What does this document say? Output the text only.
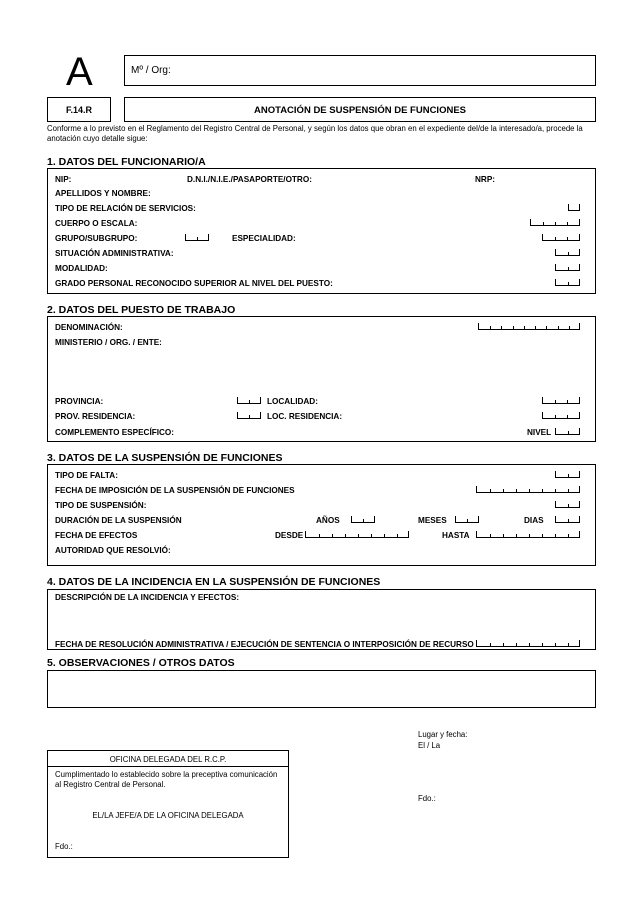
A	Mº / Org:
F.14.R	ANOTACIÓN DE SUSPENSIÓN DE FUNCIONES
Conforme a lo previsto en el Reglamento del Registro Central de Personal, y según los datos que obran en el expediente del/de la interesado/a, procede la
anotación cuyo detalle sigue:
1. DATOS DEL FUNCIONARIO/A
NIP:	D.N.I./N.I.E./PASAPORTE/OTRO:	NRP:
APELLIDOS Y NOMBRE:
TIPO DE RELACIÓN DE SERVICIOS:
CUERPO O ESCALA:
GRUPO/SUBGRUPO:	ESPECIALIDAD:
SITUACIÓN ADMINISTRATIVA:
MODALIDAD:
GRADO PERSONAL RECONOCIDO SUPERIOR AL NIVEL DEL PUESTO:
2. DATOS DEL PUESTO DE TRABAJO
DENOMINACIÓN:
MINISTERIO / ORG. / ENTE:
PROVINCIA:	LOCALIDAD:
PROV. RESIDENCIA:	LOC. RESIDENCIA:
COMPLEMENTO ESPECÍFICO:	NIVEL
3. DATOS DE LA SUSPENSIÓN DE FUNCIONES
TIPO DE FALTA:
FECHA DE IMPOSICIÓN DE LA SUSPENSIÓN DE FUNCIONES
TIPO DE SUSPENSIÓN:
DURACIÓN DE LA SUSPENSIÓN	AÑOS	MESES	DIAS
FECHA DE EFECTOS	DESDE	HASTA
AUTORIDAD QUE RESOLVIÓ:
4. DATOS DE LA INCIDENCIA EN LA SUSPENSIÓN DE FUNCIONES
DESCRIPCIÓN DE LA INCIDENCIA Y EFECTOS:
FECHA DE RESOLUCIÓN ADMINISTRATIVA / EJECUCIÓN DE SENTENCIA O INTERPOSICIÓN DE RECURSO
5. OBSERVACIONES / OTROS DATOS
Lugar y fecha:
El / La
Fdo.:
OFICINA DELEGADA DEL R.C.P.
Cumplimentado lo establecido sobre la preceptiva comunicación
al Registro Central de Personal.
EL/LA JEFE/A DE LA OFICINA DELEGADA
Fdo.:
